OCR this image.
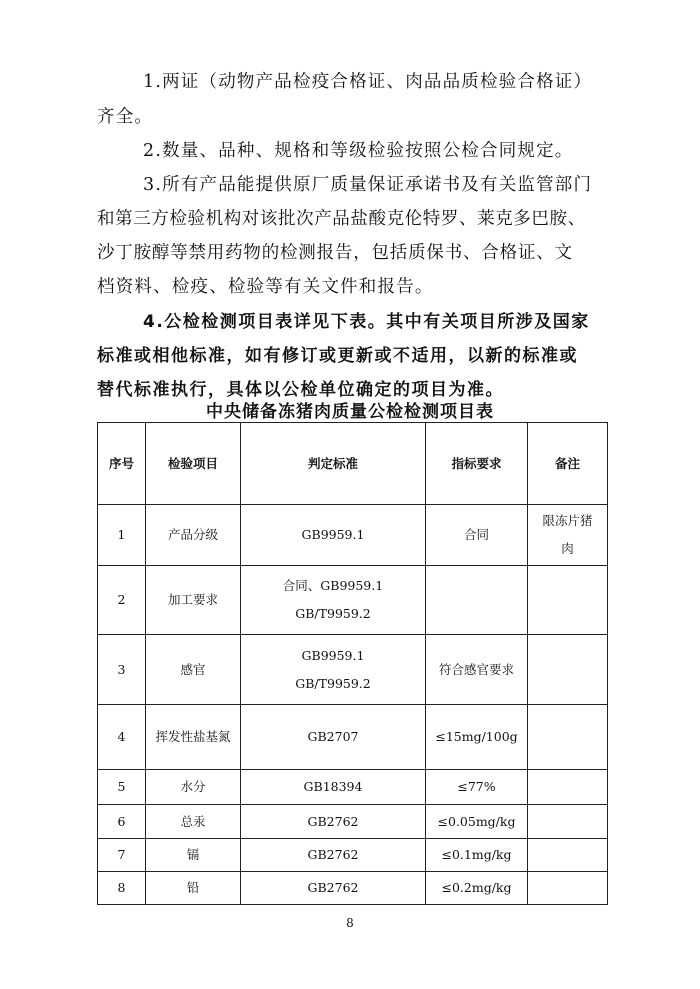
1.两证（动物产品检疫合格证、肉品品质检验合格证）
齐全。
2.数量、品种、规格和等级检验按照公检合同规定。
3.所有产品能提供原厂质量保证承诺书及有关监管部门
和第三方检验机构对该批次产品盐酸克伦特罗、莱克多巴胺、
沙丁胺醇等禁用药物的检测报告，包括质保书、合格证、文
档资料、检疫、检验等有关文件和报告。
4.公检检测项目表详见下表。其中有关项目所涉及国家
标准或相他标准，如有修订或更新或不适用，以新的标准或
替代标准执行，具体以公检单位确定的项目为准。
中央储备冻猪肉质量公检检测项目表
序号	检验项目	判定标准	指标要求	备注
1	产品分级	GB9959.1	合同	限冻片猪
肉

2	加工要求	合同、GB9959.1
GB/T9959.2		

3	感官	GB9959.1
GB/T9959.2	符合感官要求	
4	挥发性盐基氮	GB2707	≤15mg/100g	
5	水分	GB18394	≤77%	
6	总汞	GB2762	≤0.05mg/kg	
7	镉	GB2762	≤0.1mg/kg	
8	铅	GB2762	≤0.2mg/kg	
8
